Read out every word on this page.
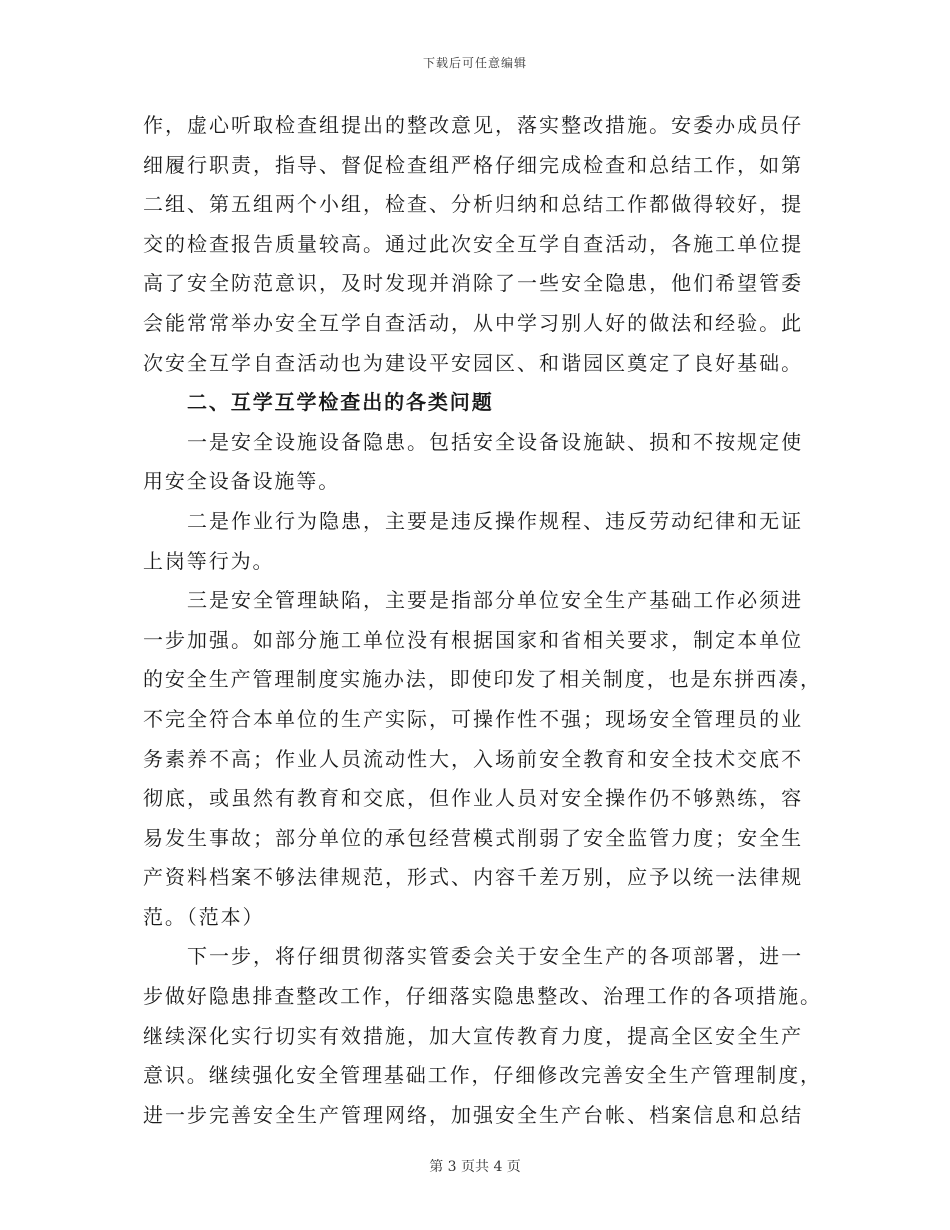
下载后可任意编辑
作，虚心听取检查组提出的整改意见，落实整改措施。安委办成员仔
细履行职责，指导、督促检查组严格仔细完成检查和总结工作，如第
二组、第五组两个小组，检查、分析归纳和总结工作都做得较好，提
交的检查报告质量较高。通过此次安全互学自查活动，各施工单位提
高了安全防范意识，及时发现并消除了一些安全隐患，他们希望管委
会能常常举办安全互学自查活动，从中学习别人好的做法和经验。此
次安全互学自查活动也为建设平安园区、和谐园区奠定了良好基础。
二、互学互学检查出的各类问题
一是安全设施设备隐患。包括安全设备设施缺、损和不按规定使
用安全设备设施等。
二是作业行为隐患，主要是违反操作规程、违反劳动纪律和无证
上岗等行为。
三是安全管理缺陷，主要是指部分单位安全生产基础工作必须进
一步加强。如部分施工单位没有根据国家和省相关要求，制定本单位
的安全生产管理制度实施办法，即使印发了相关制度，也是东拼西凑，
不完全符合本单位的生产实际，可操作性不强；现场安全管理员的业
务素养不高；作业人员流动性大，入场前安全教育和安全技术交底不
彻底，或虽然有教育和交底，但作业人员对安全操作仍不够熟练，容
易发生事故；部分单位的承包经营模式削弱了安全监管力度；安全生
产资料档案不够法律规范，形式、内容千差万别，应予以统一法律规
范。（范本）
下一步，将仔细贯彻落实管委会关于安全生产的各项部署，进一
步做好隐患排查整改工作，仔细落实隐患整改、治理工作的各项措施。
继续深化实行切实有效措施，加大宣传教育力度，提高全区安全生产
意识。继续强化安全管理基础工作，仔细修改完善安全生产管理制度，
进一步完善安全生产管理网络，加强安全生产台帐、档案信息和总结
第 3 页共 4 页
